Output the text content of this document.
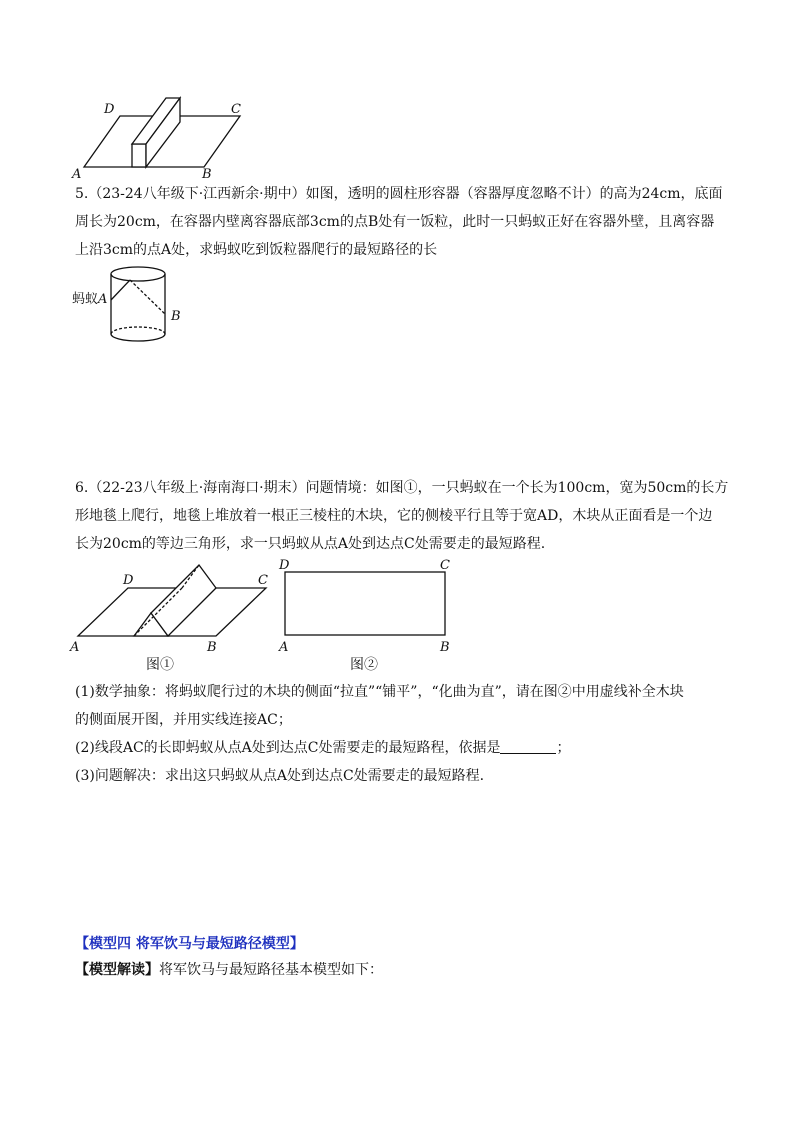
A	B
C
D
5.（23-24八年级下·江西新余·期中）如图，透明的圆柱形容器（容器厚度忽略不计）的高为24cm，底面
周长为20cm，在容器内壁离容器底部3cm的点B处有一饭粒，此时一只蚂蚁正好在容器外壁，且离容器
上沿3cm的点A处，求蚂蚁吃到饭粒器爬行的最短路径的长
蚂蚁A
B
6.（22-23八年级上·海南海口·期末）问题情境：如图①，一只蚂蚁在一个长为100cm，宽为50cm的长方
形地毯上爬行，地毯上堆放着一根正三棱柱的木块，它的侧棱平行且等于宽AD，木块从正面看是一个边
长为20cm的等边三角形，求一只蚂蚁从点A处到达点C处需要走的最短路程.
A	B
C
D
图①
D	C
A	B
图②
(1)数学抽象：将蚂蚁爬行过的木块的侧面“拉直”“铺平”，“化曲为直”，请在图②中用虚线补全木块
的侧面展开图，并用实线连接AC；
(2)线段AC的长即蚂蚁从点A处到达点C处需要走的最短路程，依据是	；
(3)问题解决：求出这只蚂蚁从点A处到达点C处需要走的最短路程.
【模型四 将军饮马与最短路径模型】
【模型解读】将军饮马与最短路径基本模型如下：
